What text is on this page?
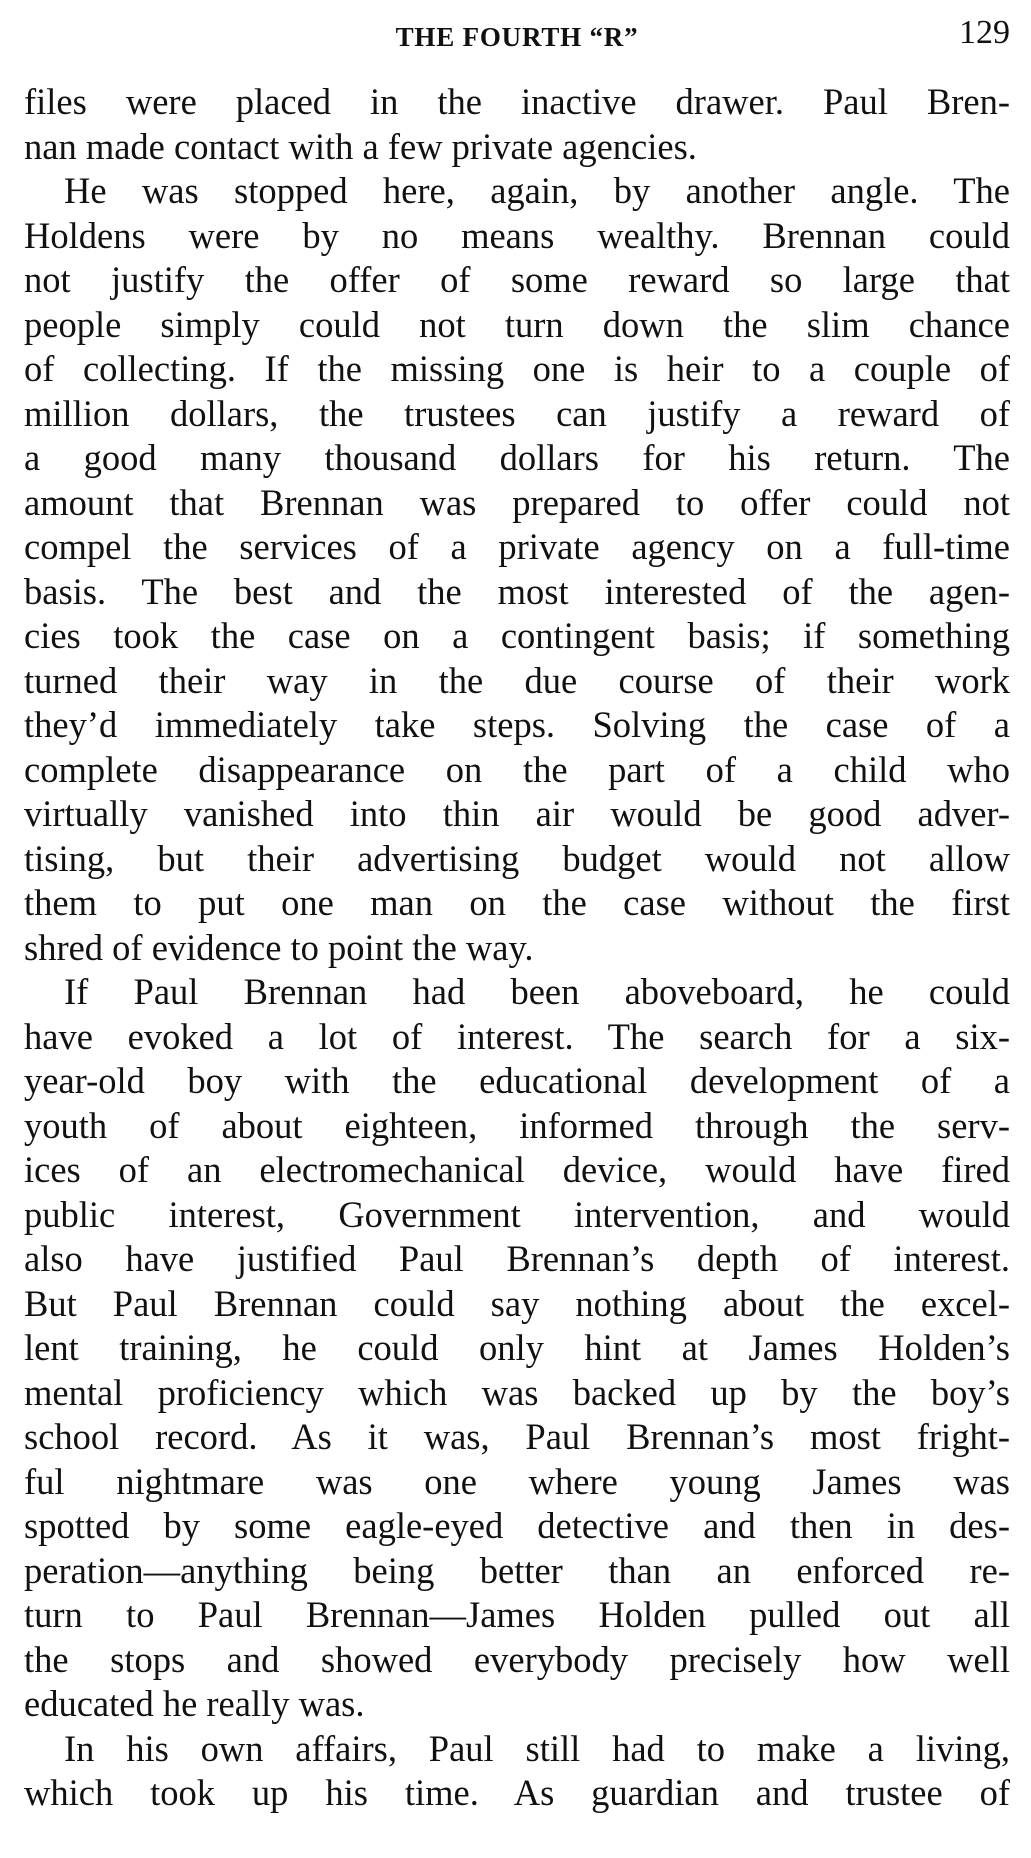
THE FOURTH “R”	129
files were placed in the inactive drawer. Paul Bren-
nan made contact with a few private agencies.
He was stopped here, again, by another angle. The
Holdens were by no means wealthy. Brennan could
not justify the offer of some reward so large that
people simply could not turn down the slim chance
of collecting. If the missing one is heir to a couple of
million dollars, the trustees can justify a reward of
a good many thousand dollars for his return. The
amount that Brennan was prepared to offer could not
compel the services of a private agency on a full-time
basis. The best and the most interested of the agen-
cies took the case on a contingent basis; if something
turned their way in the due course of their work
they’d immediately take steps. Solving the case of a
complete disappearance on the part of a child who
virtually vanished into thin air would be good adver-
tising, but their advertising budget would not allow
them to put one man on the case without the first
shred of evidence to point the way.
If Paul Brennan had been aboveboard, he could
have evoked a lot of interest. The search for a six-
year-old boy with the educational development of a
youth of about eighteen, informed through the serv-
ices of an electromechanical device, would have fired
public interest, Government intervention, and would
also have justified Paul Brennan’s depth of interest.
But Paul Brennan could say nothing about the excel-
lent training, he could only hint at James Holden’s
mental proficiency which was backed up by the boy’s
school record. As it was, Paul Brennan’s most fright-
ful nightmare was one where young James was
spotted by some eagle-eyed detective and then in des-
peration—anything being better than an enforced re-
turn to Paul Brennan—James Holden pulled out all
the stops and showed everybody precisely how well
educated he really was.
In his own affairs, Paul still had to make a living,
which took up his time. As guardian and trustee of
